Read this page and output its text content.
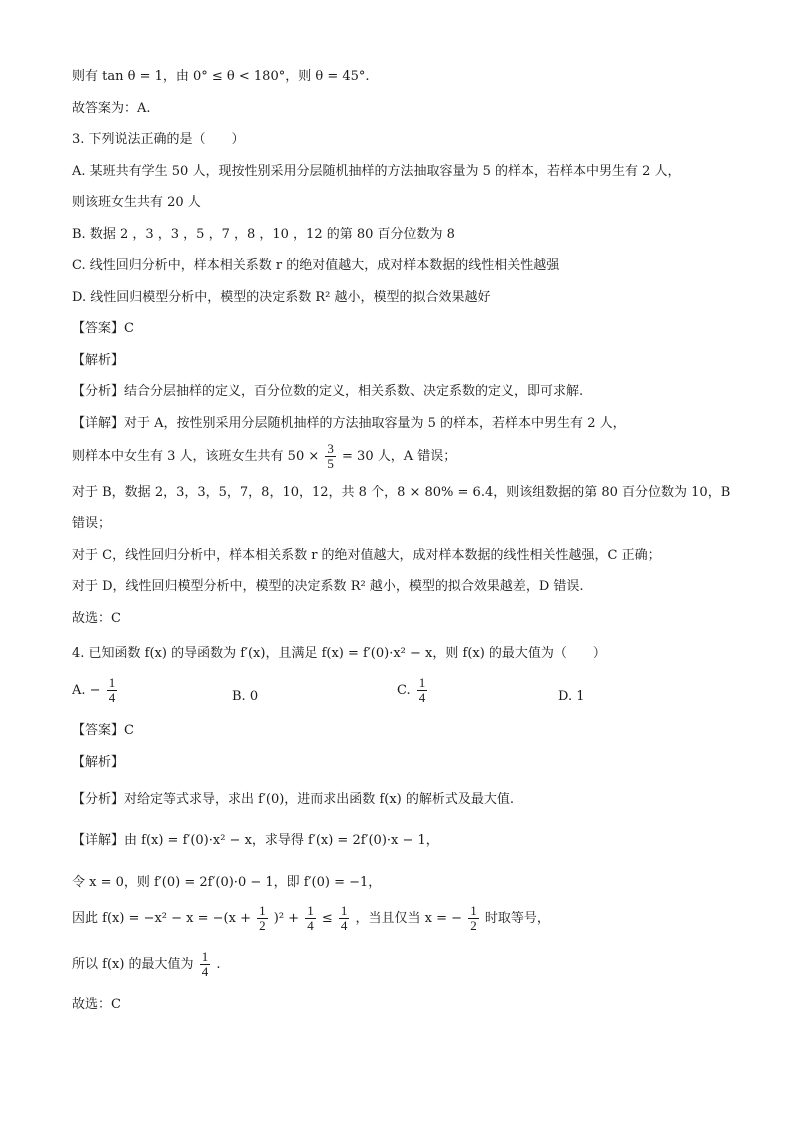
则有 tan θ = 1，由 0° ≤ θ < 180°，则 θ = 45°.
故答案为：A.
3. 下列说法正确的是（　　）
A. 某班共有学生 50 人，现按性别采用分层随机抽样的方法抽取容量为 5 的样本，若样本中男生有 2 人，
则该班女生共有 20 人
B. 数据 2 ，3 ，3 ，5 ，7 ，8 ，10 ，12 的第 80 百分位数为 8
C. 线性回归分析中，样本相关系数 r 的绝对值越大，成对样本数据的线性相关性越强
D. 线性回归模型分析中，模型的决定系数 R² 越小，模型的拟合效果越好
【答案】C
【解析】
【分析】结合分层抽样的定义，百分位数的定义，相关系数、决定系数的定义，即可求解.
【详解】对于 A，按性别采用分层随机抽样的方法抽取容量为 5 的样本，若样本中男生有 2 人，
则样本中女生有 3 人，该班女生共有 $50 \times \frac{3}{5} = 30$ 人，A 错误；
对于 B，数据 2，3，3，5，7，8，10，12，共 8 个，8 × 80% = 6.4，则该组数据的第 80 百分位数为 10，B
错误；
对于 C，线性回归分析中，样本相关系数 r 的绝对值越大，成对样本数据的线性相关性越强，C 正确；
对于 D，线性回归模型分析中，模型的决定系数 R² 越小，模型的拟合效果越差，D 错误.
故选：C
4. 已知函数 f(x) 的导函数为 f′(x)，且满足 f(x) = f′(0)·x² − x，则 f(x) 的最大值为（　　）
A. − $\frac{1}{4}$	B. 0	C. $\frac{1}{4}$	D. 1
【答案】C
【解析】
【分析】对给定等式求导，求出 f′(0)，进而求出函数 f(x) 的解析式及最大值.
【详解】由 f(x) = f′(0)·x² − x，求导得 f′(x) = 2f′(0)·x − 1，
令 x = 0，则 f′(0) = 2f′(0)·0 − 1，即 f′(0) = −1，
因此 $f(x) = -x^2 - x = -(x + \frac{1}{2} )^2 + \frac{1}{4} \le \frac{1}{4}$ ，当且仅当 x = − $\frac{1}{2}$ 时取等号，
所以 f(x) 的最大值为 $\frac{1}{4}$ .
故选：C
